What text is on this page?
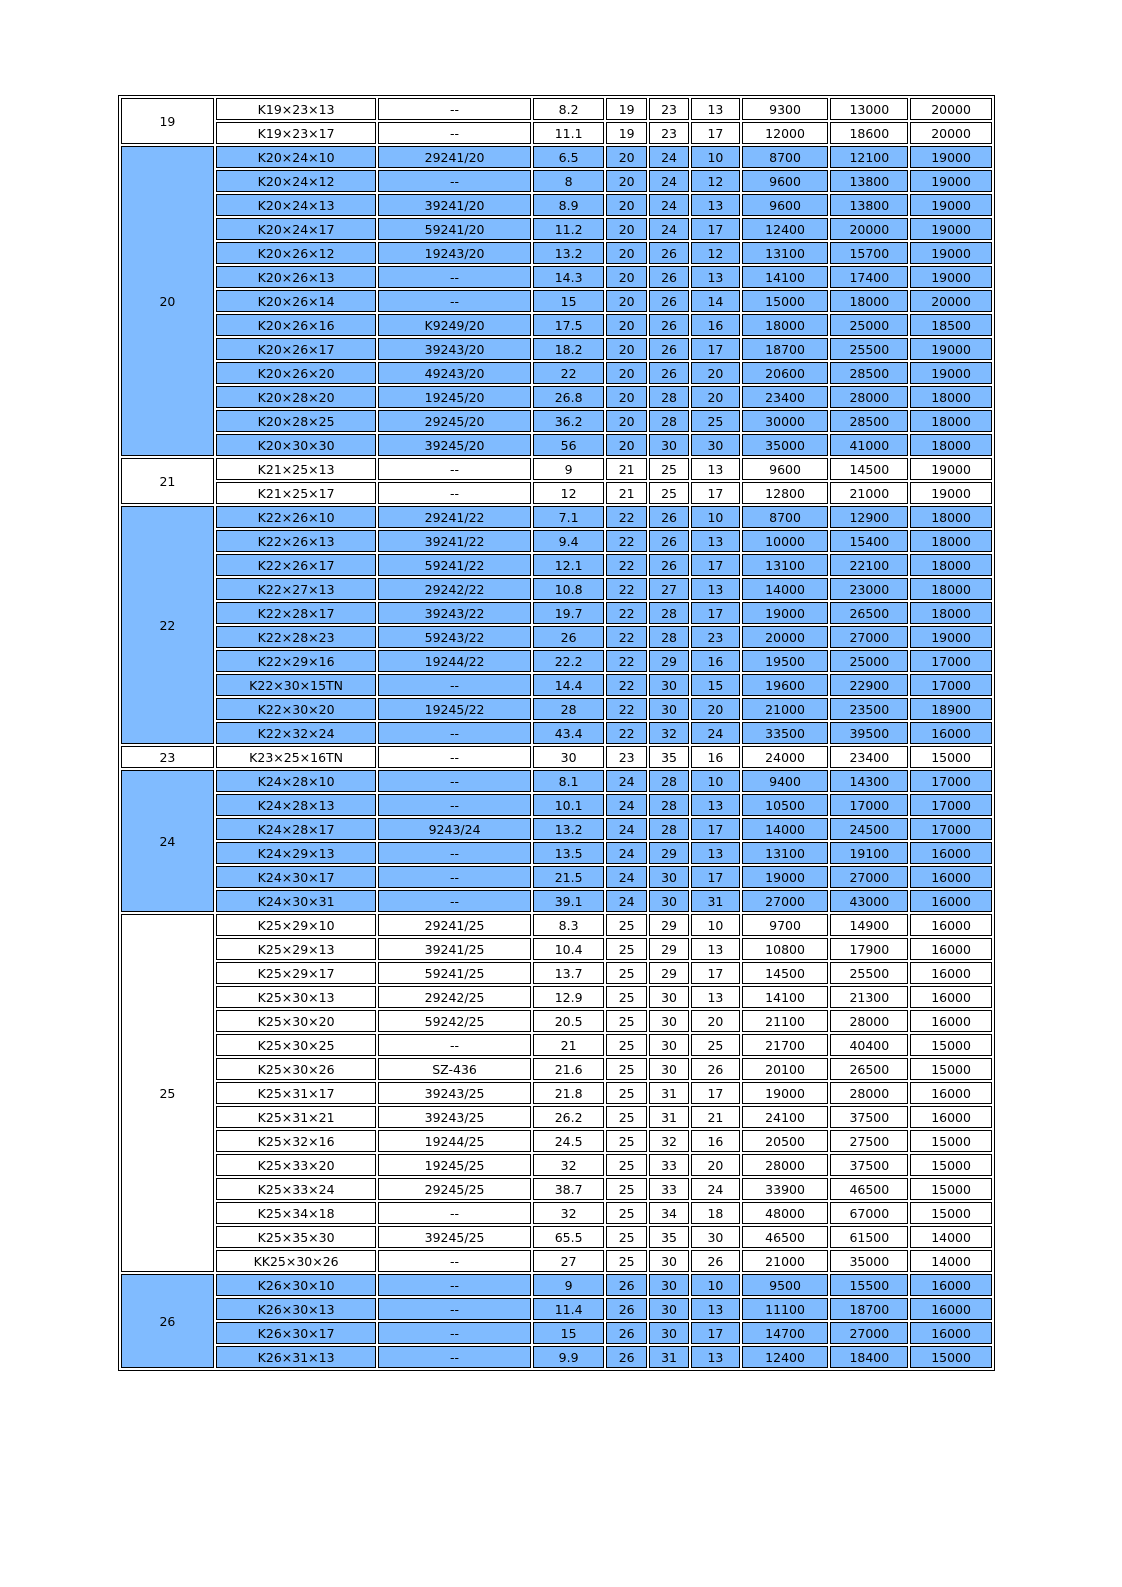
19	K19×23×13	--	8.2	19	23	13	9300	13000	20000
	K19×23×17	--	11.1	19	23	17	12000	18600	20000
20	K20×24×10	29241/20	6.5	20	24	10	8700	12100	19000
	K20×24×12	--	8	20	24	12	9600	13800	19000
	K20×24×13	39241/20	8.9	20	24	13	9600	13800	19000
	K20×24×17	59241/20	11.2	20	24	17	12400	20000	19000
	K20×26×12	19243/20	13.2	20	26	12	13100	15700	19000
	K20×26×13	--	14.3	20	26	13	14100	17400	19000
	K20×26×14	--	15	20	26	14	15000	18000	20000
	K20×26×16	K9249/20	17.5	20	26	16	18000	25000	18500
	K20×26×17	39243/20	18.2	20	26	17	18700	25500	19000
	K20×26×20	49243/20	22	20	26	20	20600	28500	19000
	K20×28×20	19245/20	26.8	20	28	20	23400	28000	18000
	K20×28×25	29245/20	36.2	20	28	25	30000	28500	18000
	K20×30×30	39245/20	56	20	30	30	35000	41000	18000
21	K21×25×13	--	9	21	25	13	9600	14500	19000
	K21×25×17	--	12	21	25	17	12800	21000	19000
22	K22×26×10	29241/22	7.1	22	26	10	8700	12900	18000
	K22×26×13	39241/22	9.4	22	26	13	10000	15400	18000
	K22×26×17	59241/22	12.1	22	26	17	13100	22100	18000
	K22×27×13	29242/22	10.8	22	27	13	14000	23000	18000
	K22×28×17	39243/22	19.7	22	28	17	19000	26500	18000
	K22×28×23	59243/22	26	22	28	23	20000	27000	19000
	K22×29×16	19244/22	22.2	22	29	16	19500	25000	17000
	K22×30×15TN	--	14.4	22	30	15	19600	22900	17000
	K22×30×20	19245/22	28	22	30	20	21000	23500	18900
	K22×32×24	--	43.4	22	32	24	33500	39500	16000
23	K23×25×16TN	--	30	23	35	16	24000	23400	15000
24	K24×28×10	--	8.1	24	28	10	9400	14300	17000
	K24×28×13	--	10.1	24	28	13	10500	17000	17000
	K24×28×17	9243/24	13.2	24	28	17	14000	24500	17000
	K24×29×13	--	13.5	24	29	13	13100	19100	16000
	K24×30×17	--	21.5	24	30	17	19000	27000	16000
	K24×30×31	--	39.1	24	30	31	27000	43000	16000
25	K25×29×10	29241/25	8.3	25	29	10	9700	14900	16000
	K25×29×13	39241/25	10.4	25	29	13	10800	17900	16000
	K25×29×17	59241/25	13.7	25	29	17	14500	25500	16000
	K25×30×13	29242/25	12.9	25	30	13	14100	21300	16000
	K25×30×20	59242/25	20.5	25	30	20	21100	28000	16000
	K25×30×25	--	21	25	30	25	21700	40400	15000
	K25×30×26	SZ-436	21.6	25	30	26	20100	26500	15000
	K25×31×17	39243/25	21.8	25	31	17	19000	28000	16000
	K25×31×21	39243/25	26.2	25	31	21	24100	37500	16000
	K25×32×16	19244/25	24.5	25	32	16	20500	27500	15000
	K25×33×20	19245/25	32	25	33	20	28000	37500	15000
	K25×33×24	29245/25	38.7	25	33	24	33900	46500	15000
	K25×34×18	--	32	25	34	18	48000	67000	15000
	K25×35×30	39245/25	65.5	25	35	30	46500	61500	14000
	KK25×30×26	--	27	25	30	26	21000	35000	14000
26	K26×30×10	--	9	26	30	10	9500	15500	16000
	K26×30×13	--	11.4	26	30	13	11100	18700	16000
	K26×30×17	--	15	26	30	17	14700	27000	16000
	K26×31×13	--	9.9	26	31	13	12400	18400	15000
